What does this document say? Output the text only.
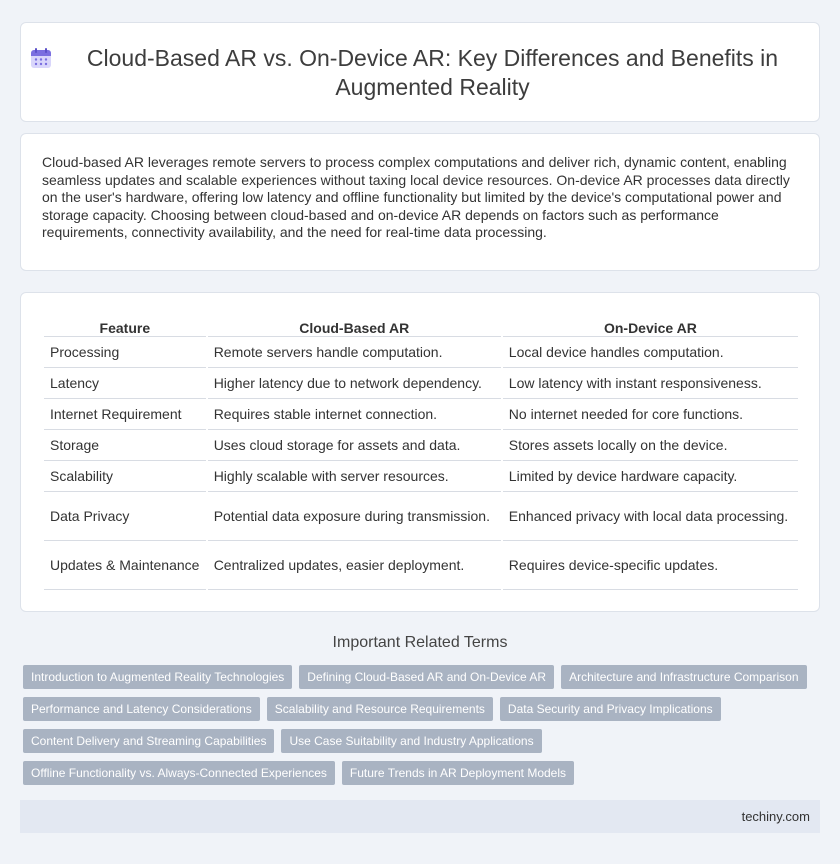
Cloud-Based AR vs. On-Device AR: Key Differences and Benefits in Augmented Reality

Cloud-based AR leverages remote servers to process complex computations and deliver rich, dynamic content, enabling seamless updates and scalable experiences without taxing local device resources. On-device AR processes data directly on the user's hardware, offering low latency and offline functionality but limited by the device's computational power and storage capacity. Choosing between cloud-based and on-device AR depends on factors such as performance requirements, connectivity availability, and the need for real-time data processing.

Feature	Cloud-Based AR	On-Device AR
Processing	Remote servers handle computation.	Local device handles computation.
Latency	Higher latency due to network dependency.	Low latency with instant responsiveness.
Internet Requirement	Requires stable internet connection.	No internet needed for core functions.
Storage	Uses cloud storage for assets and data.	Stores assets locally on the device.
Scalability	Highly scalable with server resources.	Limited by device hardware capacity.
Data Privacy	Potential data exposure during transmission.	Enhanced privacy with local data processing.
Updates & Maintenance	Centralized updates, easier deployment.	Requires device-specific updates.
Important Related Terms
Introduction to Augmented Reality Technologies	Defining Cloud-Based AR and On-Device AR	Architecture and Infrastructure Comparison
Performance and Latency Considerations	Scalability and Resource Requirements	Data Security and Privacy Implications
Content Delivery and Streaming Capabilities	Use Case Suitability and Industry Applications
Offline Functionality vs. Always-Connected Experiences	Future Trends in AR Deployment Models
techiny.com
